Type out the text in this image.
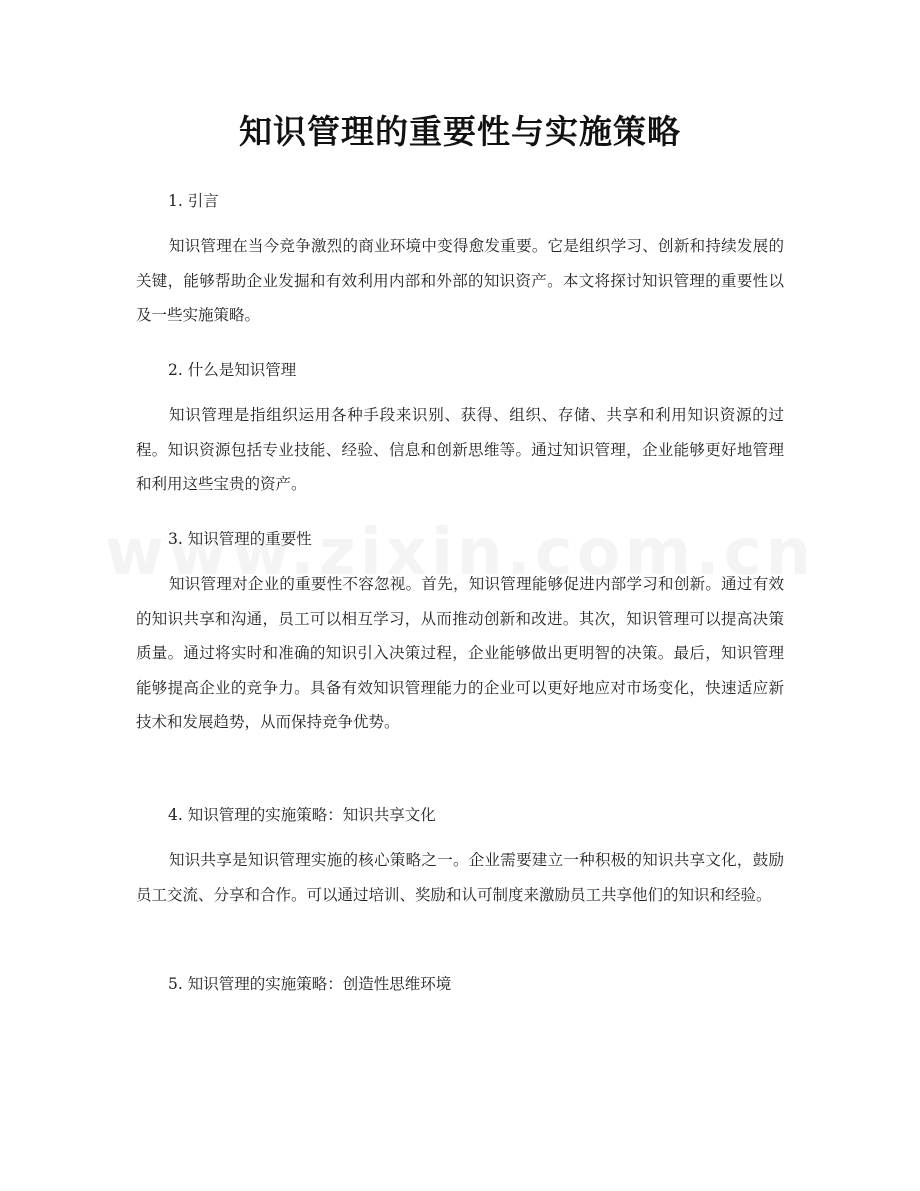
知识管理的重要性与实施策略
1. 引言
知识管理在当今竞争激烈的商业环境中变得愈发重要。它是组织学习、创新和持续发展的关键，能够帮助企业发掘和有效利用内部和外部的知识资产。本文将探讨知识管理的重要性以及一些实施策略。
2. 什么是知识管理
知识管理是指组织运用各种手段来识别、获得、组织、存储、共享和利用知识资源的过程。知识资源包括专业技能、经验、信息和创新思维等。通过知识管理，企业能够更好地管理和利用这些宝贵的资产。
3. 知识管理的重要性
知识管理对企业的重要性不容忽视。首先，知识管理能够促进内部学习和创新。通过有效的知识共享和沟通，员工可以相互学习，从而推动创新和改进。其次，知识管理可以提高决策质量。通过将实时和准确的知识引入决策过程，企业能够做出更明智的决策。最后，知识管理能够提高企业的竞争力。具备有效知识管理能力的企业可以更好地应对市场变化，快速适应新技术和发展趋势，从而保持竞争优势。
4. 知识管理的实施策略：知识共享文化
知识共享是知识管理实施的核心策略之一。企业需要建立一种积极的知识共享文化，鼓励员工交流、分享和合作。可以通过培训、奖励和认可制度来激励员工共享他们的知识和经验。
5. 知识管理的实施策略：创造性思维环境
